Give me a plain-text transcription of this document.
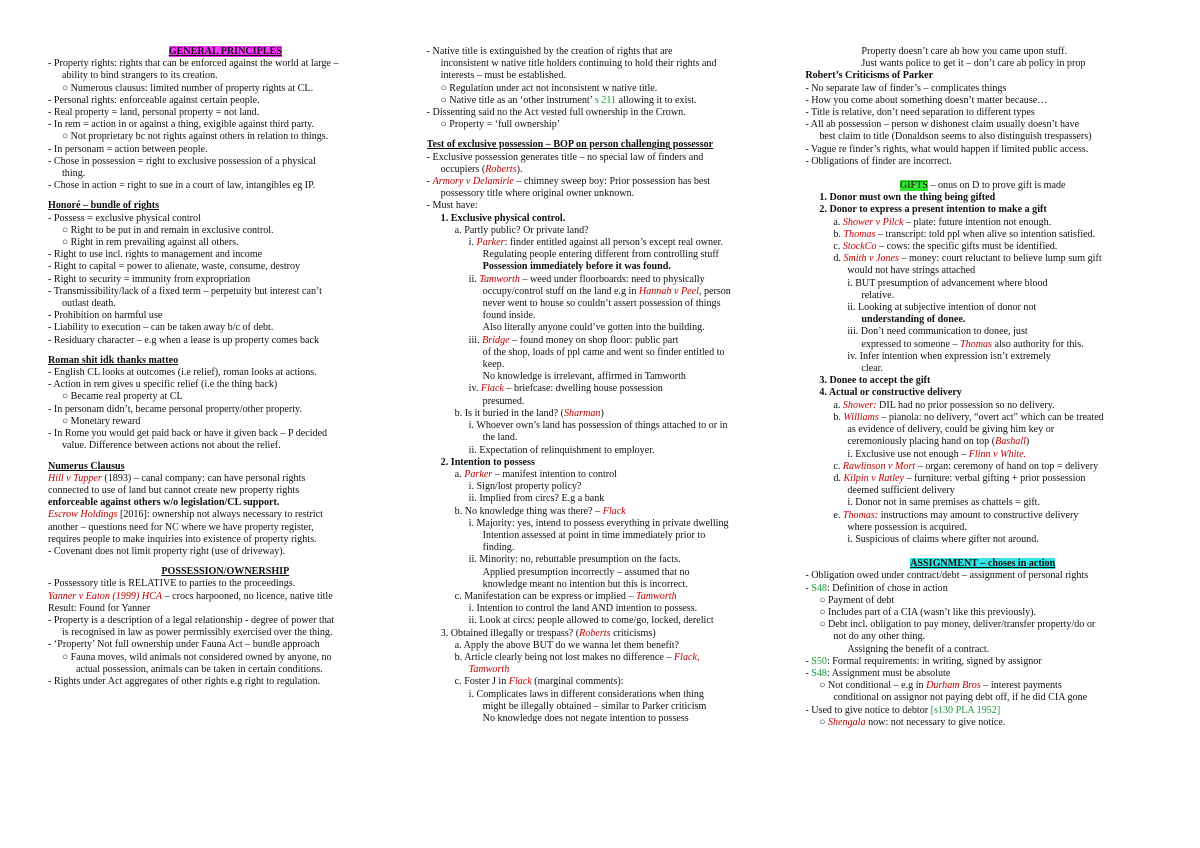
GENERAL PRINCIPLES
- Property rights: rights that can be enforced against the world at large –
ability to bind strangers to its creation.
○ Numerous clausus: limited number of property rights at CL.
- Personal rights: enforceable against certain people.
- Real property = land, personal property = not land.
- In rem = action in or against a thing, exigible against third party.
○ Not proprietary bc not rights against others in relation to things.
- In personam = action between people.
- Chose in possession = right to exclusive possession of a physical
thing.
- Chose in action = right to sue in a court of law, intangibles eg IP.
Honoré – bundle of rights
- Possess = exclusive physical control
○ Right to be put in and remain in exclusive control.
○ Right in rem prevailing against all others.
- Right to use incl. rights to management and income
- Right to capital = power to alienate, waste, consume, destroy
- Right to security = immunity from expropriation
- Transmissibility/lack of a fixed term – perpetuity but interest can’t
outlast death.
- Prohibition on harmful use
- Liability to execution – can be taken away b/c of debt.
- Residuary character – e.g when a lease is up property comes back
Roman shit idk thanks matteo
- English CL looks at outcomes (i.e relief), roman looks at actions.
- Action in rem gives u specific relief (i.e the thing back)
○ Became real property at CL
- In personam didn’t, became personal property/other property.
○ Monetary reward
- In Rome you would get paid back or have it given back – P decided
value. Difference between actions not about the relief.
Numerus Clausus
Hill v Tupper (1893) – canal company: can have personal rights
connected to use of land but cannot create new property rights
enforceable against others w/o legislation/CL support.
Escrow Holdings [2016]: ownership not always necessary to restrict
another – questions need for NC where we have property register,
requires people to make inquiries into existence of property rights.
- Covenant does not limit property right (use of driveway).
POSSESSION/OWNERSHIP
- Possessory title is RELATIVE to parties to the proceedings.
Yanner v Eaton (1999) HCA – crocs harpooned, no licence, native title
Result: Found for Yanner
- Property is a description of a legal relationship - degree of power that
is recognised in law as power permissibly exercised over the thing.
- ‘Property’ Not full ownership under Fauna Act – bundle approach
○ Fauna moves, wild animals not considered owned by anyone, no
actual possession, animals can be taken in certain conditions.
- Rights under Act aggregates of other rights e.g right to regulation.
- Native title is extinguished by the creation of rights that are
inconsistent w native title holders continuing to hold their rights and
interests – must be established.
○ Regulation under act not inconsistent w native title.
○ Native title as an ‘other instrument’ s 211 allowing it to exist.
- Dissenting said no the Act vested full ownership in the Crown.
○ Property = ‘full ownership’
Test of exclusive possession – BOP on person challenging possessor
- Exclusive possession generates title – no special law of finders and
occupiers (Roberts).
- Armory v Delamirie – chimney sweep boy: Prior possession has best
possessory title where original owner unknown.
- Must have:
1. Exclusive physical control.
a. Partly public? Or private land?
i. Parker: finder entitled against all person’s except real owner.
Regulating people entering different from controlling stuff
Possession immediately before it was found.
ii. Tamworth – weed under floorboards: need to physically
occupy/control stuff on the land e.g in Hannah v Peel, person
never went to house so couldn’t assert possession of things
found inside.
Also literally anyone could’ve gotten into the building.
iii. Bridge – found money on shop floor: public part
of the shop, loads of ppl came and went so finder entitled to
keep.
No knowledge is irrelevant, affirmed in Tamworth
iv. Flack – briefcase: dwelling house possession
presumed.
b. Is it buried in the land? (Sharman)
i. Whoever own’s land has possession of things attached to or in
the land.
ii. Expectation of relinquishment to employer.
2. Intention to possess
a. Parker – manifest intention to control
i. Sign/lost property policy?
ii. Implied from circs? E.g a bank
b. No knowledge thing was there? – Flack
i. Majority: yes, intend to possess everything in private dwelling
Intention assessed at point in time immediately prior to
finding.
ii. Minority: no, rebuttable presumption on the facts.
Applied presumption incorrectly – assumed that no
knowledge meant no intention but this is incorrect.
c. Manifestation can be express or implied – Tamworth
i. Intention to control the land AND intention to possess.
ii. Look at circs: people allowed to come/go, locked, derelict
3. Obtained illegally or trespass? (Roberts criticisms)
a. Apply the above BUT do we wanna let them benefit?
b. Article clearly being not lost makes no difference – Flack,
Tamworth
c. Foster J in Flack (marginal comments):
i. Complicates laws in different considerations when thing
might be illegally obtained – similar to Parker criticism
No knowledge does not negate intention to possess
Property doesn’t care ab how you came upon stuff.
Just wants police to get it – don’t care ab policy in prop
Robert’s Criticisms of Parker
- No separate law of finder’s – complicates things
- How you come about something doesn’t matter because…
- Title is relative, don’t need separation to different types
- All ab possession – person w dishonest claim usually doesn’t have
best claim to title (Donaldson seems to also distinguish trespassers)
- Vague re finder’s rights, what would happen if limited public access.
- Obligations of finder are incorrect.
GIFTS – onus on D to prove gift is made
1. Donor must own the thing being gifted
2. Donor to express a present intention to make a gift
a. Shower v Pilck – plate: future intention not enough.
b. Thomas – transcript: told ppl when alive so intention satisfied.
c. StockCo – cows: the specific gifts must be identified.
d. Smith v Jones – money: court reluctant to believe lump sum gift
would not have strings attached
i. BUT presumption of advancement where blood
relative.
ii. Looking at subjective intention of donor not
understanding of donee.
iii. Don’t need communication to donee, just
expressed to someone – Thomas also authority for this.
iv. Infer intention when expression isn’t extremely
clear.
3. Donee to accept the gift
4. Actual or constructive delivery
a. Shower: DIL had no prior possession so no delivery.
b. Williams – pianola: no delivery, “overt act” which can be treated
as evidence of delivery, could be giving him key or
ceremoniously placing hand on top (Bashall)
i. Exclusive use not enough – Flinn v White.
c. Rawlinson v Mort – organ: ceremony of hand on top = delivery
d. Kilpin v Ratley – furniture: verbal gifting + prior possession
deemed sufficient delivery
i. Donor not in same premises as chattels = gift.
e. Thomas: instructions may amount to constructive delivery
where possession is acquired.
i. Suspicious of claims where gifter not around.
ASSIGNMENT – choses in action
- Obligation owed under contract/debt – assignment of personal rights
- S48: Definition of chose in action
○ Payment of debt
○ Includes part of a CIA (wasn’t like this previously).
○ Debt incl. obligation to pay money, deliver/transfer property/do or
not do any other thing.
Assigning the benefit of a contract.
- S50: Formal requirements: in writing, signed by assignor
- S48: Assignment must be absolute
○ Not conditional – e.g in Durham Bros – interest payments
conditional on assignor not paying debt off, if he did CIA gone
- Used to give notice to debtor [s130 PLA 1952]
○ Shengala now: not necessary to give notice.
